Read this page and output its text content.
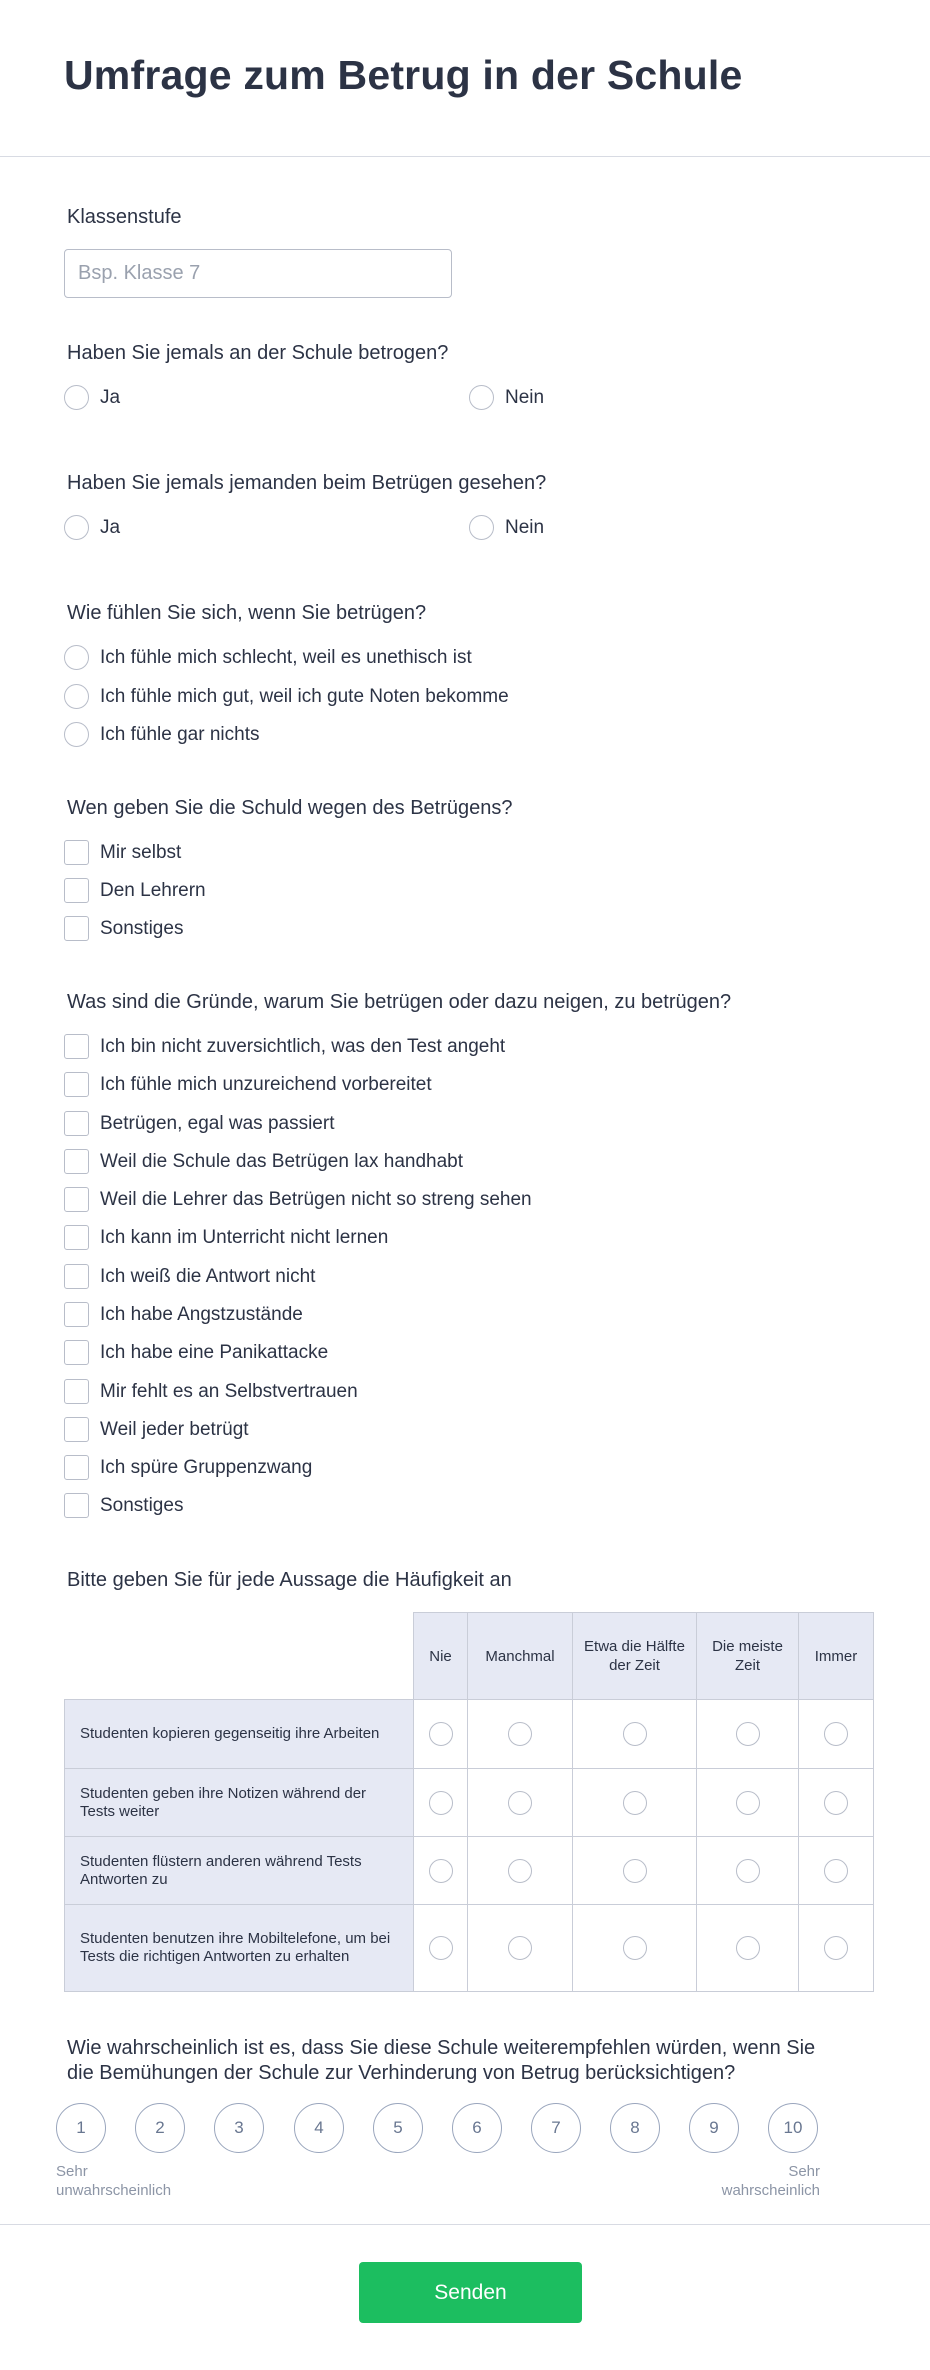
Umfrage zum Betrug in der Schule
Klassenstufe
Bsp. Klasse 7
Haben Sie jemals an der Schule betrogen?
Ja	Nein
Haben Sie jemals jemanden beim Betrügen gesehen?
Ja	Nein
Wie fühlen Sie sich, wenn Sie betrügen?
Ich fühle mich schlecht, weil es unethisch ist
Ich fühle mich gut, weil ich gute Noten bekomme
Ich fühle gar nichts
Wen geben Sie die Schuld wegen des Betrügens?
Mir selbst
Den Lehrern
Sonstiges
Was sind die Gründe, warum Sie betrügen oder dazu neigen, zu betrügen?
Ich bin nicht zuversichtlich, was den Test angeht
Ich fühle mich unzureichend vorbereitet
Betrügen, egal was passiert
Weil die Schule das Betrügen lax handhabt
Weil die Lehrer das Betrügen nicht so streng sehen
Ich kann im Unterricht nicht lernen
Ich weiß die Antwort nicht
Ich habe Angstzustände
Ich habe eine Panikattacke
Mir fehlt es an Selbstvertrauen
Weil jeder betrügt
Ich spüre Gruppenzwang
Sonstiges
Bitte geben Sie für jede Aussage die Häufigkeit an
	Nie	Manchmal	Etwa die Hälfte der Zeit	Die meiste Zeit	Immer
Studenten kopieren gegenseitig ihre Arbeiten					
Studenten geben ihre Notizen während der Tests weiter					
Studenten flüstern anderen während Tests Antworten zu					
Studenten benutzen ihre Mobiltelefone, um bei Tests die richtigen Antworten zu erhalten					
Wie wahrscheinlich ist es, dass Sie diese Schule weiterempfehlen würden, wenn Sie
die Bemühungen der Schule zur Verhinderung von Betrug berücksichtigen?
1	2	3	4	5	6	7	8	9	10
Sehr
unwahrscheinlich
Sehr
wahrscheinlich
Senden
